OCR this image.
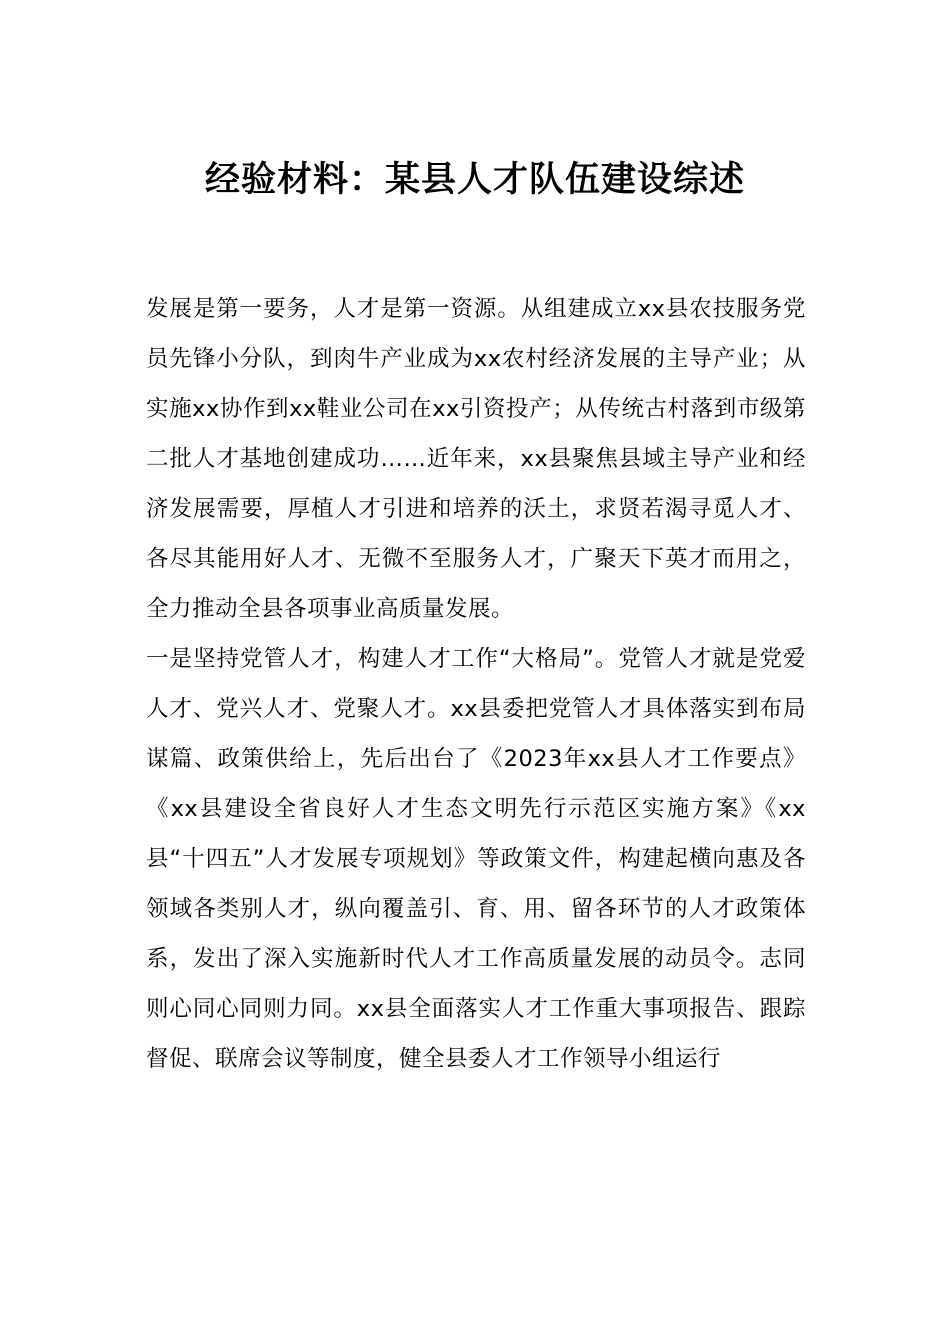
经验材料：某县人才队伍建设综述

发展是第一要务，人才是第一资源。从组建成立xx县农技服务党员先锋小分队，到肉牛产业成为xx农村经济发展的主导产业；从实施xx协作到xx鞋业公司在xx引资投产；从传统古村落到市级第二批人才基地创建成功……近年来，xx县聚焦县域主导产业和经济发展需要，厚植人才引进和培养的沃土，求贤若渴寻觅人才、各尽其能用好人才、无微不至服务人才，广聚天下英才而用之，全力推动全县各项事业高质量发展。

一是坚持党管人才，构建人才工作“大格局”。党管人才就是党爱人才、党兴人才、党聚人才。xx县委把党管人才具体落实到布局谋篇、政策供给上，先后出台了《2023年xx县人才工作要点》《xx县建设全省良好人才生态文明先行示范区实施方案》《xx县“十四五”人才发展专项规划》等政策文件，构建起横向惠及各领域各类别人才，纵向覆盖引、育、用、留各环节的人才政策体系，发出了深入实施新时代人才工作高质量发展的动员令。志同则心同心同则力同。xx县全面落实人才工作重大事项报告、跟踪督促、联席会议等制度，健全县委人才工作领导小组运行
